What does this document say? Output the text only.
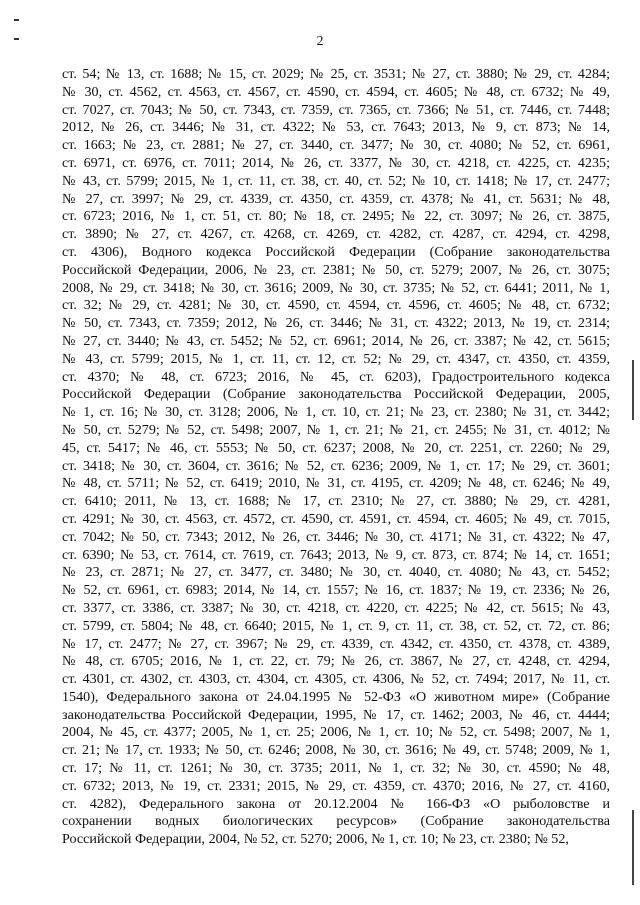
2
ст. 54; № 13, ст. 1688; № 15, ст. 2029; № 25, ст. 3531; № 27, ст. 3880; № 29, ст. 4284;
№ 30, ст. 4562, ст. 4563, ст. 4567, ст. 4590, ст. 4594, ст. 4605; № 48, ст. 6732; № 49,
ст. 7027, ст. 7043; № 50, ст. 7343, ст. 7359, ст. 7365, ст. 7366; № 51, ст. 7446, ст. 7448;
2012, № 26, ст. 3446; № 31, ст. 4322; № 53, ст. 7643; 2013, № 9, ст. 873; № 14,
ст. 1663; № 23, ст. 2881; № 27, ст. 3440, ст. 3477; № 30, ст. 4080; № 52, ст. 6961,
ст. 6971, ст. 6976, ст. 7011; 2014, № 26, ст. 3377, № 30, ст. 4218, ст. 4225, ст. 4235;
№ 43, ст. 5799; 2015, № 1, ст. 11, ст. 38, ст. 40, ст. 52; № 10, ст. 1418; № 17, ст. 2477;
№ 27, ст. 3997; № 29, ст. 4339, ст. 4350, ст. 4359, ст. 4378; № 41, ст. 5631; № 48,
ст. 6723; 2016, № 1, ст. 51, ст. 80; № 18, ст. 2495; № 22, ст. 3097; № 26, ст. 3875,
ст. 3890; № 27, ст. 4267, ст. 4268, ст. 4269, ст. 4282, ст. 4287, ст. 4294, ст. 4298,
ст. 4306), Водного кодекса Российской Федерации (Собрание законодательства
Российской Федерации, 2006, № 23, ст. 2381; № 50, ст. 5279; 2007, № 26, ст. 3075;
2008, № 29, ст. 3418; № 30, ст. 3616; 2009, № 30, ст. 3735; № 52, ст. 6441; 2011, № 1,
ст. 32; № 29, ст. 4281; № 30, ст. 4590, ст. 4594, ст. 4596, ст. 4605; № 48, ст. 6732;
№ 50, ст. 7343, ст. 7359; 2012, № 26, ст. 3446; № 31, ст. 4322; 2013, № 19, ст. 2314;
№ 27, ст. 3440; № 43, ст. 5452; № 52, ст. 6961; 2014, № 26, ст. 3387; № 42, ст. 5615;
№ 43, ст. 5799; 2015, № 1, ст. 11, ст. 12, ст. 52; № 29, ст. 4347, ст. 4350, ст. 4359,
ст. 4370; № 48, ст. 6723; 2016, № 45, ст. 6203), Градостроительного кодекса
Российской Федерации (Собрание законодательства Российской Федерации, 2005,
№ 1, ст. 16; № 30, ст. 3128; 2006, № 1, ст. 10, ст. 21; № 23, ст. 2380; № 31, ст. 3442;
№ 50, ст. 5279; № 52, ст. 5498; 2007, № 1, ст. 21; № 21, ст. 2455; № 31, ст. 4012; №
45, ст. 5417; № 46, ст. 5553; № 50, ст. 6237; 2008, № 20, ст. 2251, ст. 2260; № 29,
ст. 3418; № 30, ст. 3604, ст. 3616; № 52, ст. 6236; 2009, № 1, ст. 17; № 29, ст. 3601;
№ 48, ст. 5711; № 52, ст. 6419; 2010, № 31, ст. 4195, ст. 4209; № 48, ст. 6246; № 49,
ст. 6410; 2011, № 13, ст. 1688; № 17, ст. 2310; № 27, ст. 3880; № 29, ст. 4281,
ст. 4291; № 30, ст. 4563, ст. 4572, ст. 4590, ст. 4591, ст. 4594, ст. 4605; № 49, ст. 7015,
ст. 7042; № 50, ст. 7343; 2012, № 26, ст. 3446; № 30, ст. 4171; № 31, ст. 4322; № 47,
ст. 6390; № 53, ст. 7614, ст. 7619, ст. 7643; 2013, № 9, ст. 873, ст. 874; № 14, ст. 1651;
№ 23, ст. 2871; № 27, ст. 3477, ст. 3480; № 30, ст. 4040, ст. 4080; № 43, ст. 5452;
№ 52, ст. 6961, ст. 6983; 2014, № 14, ст. 1557; № 16, ст. 1837; № 19, ст. 2336; № 26,
ст. 3377, ст. 3386, ст. 3387; № 30, ст. 4218, ст. 4220, ст. 4225; № 42, ст. 5615; № 43,
ст. 5799, ст. 5804; № 48, ст. 6640; 2015, № 1, ст. 9, ст. 11, ст. 38, ст. 52, ст. 72, ст. 86;
№ 17, ст. 2477; № 27, ст. 3967; № 29, ст. 4339, ст. 4342, ст. 4350, ст. 4378, ст. 4389,
№ 48, ст. 6705; 2016, № 1, ст. 22, ст. 79; № 26, ст. 3867, № 27, ст. 4248, ст. 4294,
ст. 4301, ст. 4302, ст. 4303, ст. 4304, ст. 4305, ст. 4306, № 52, ст. 7494; 2017, № 11, ст.
1540), Федерального закона от 24.04.1995 № 52-ФЗ «О животном мире» (Собрание
законодательства Российской Федерации, 1995, № 17, ст. 1462; 2003, № 46, ст. 4444;
2004, № 45, ст. 4377; 2005, № 1, ст. 25; 2006, № 1, ст. 10; № 52, ст. 5498; 2007, № 1,
ст. 21; № 17, ст. 1933; № 50, ст. 6246; 2008, № 30, ст. 3616; № 49, ст. 5748; 2009, № 1,
ст. 17; № 11, ст. 1261; № 30, ст. 3735; 2011, № 1, ст. 32; № 30, ст. 4590; № 48,
ст. 6732; 2013, № 19, ст. 2331; 2015, № 29, ст. 4359, ст. 4370; 2016, № 27, ст. 4160,
ст. 4282), Федерального закона от 20.12.2004 № 166-ФЗ «О рыболовстве и
сохранении водных биологических ресурсов» (Собрание законодательства
Российской Федерации, 2004, № 52, ст. 5270; 2006, № 1, ст. 10; № 23, ст. 2380; № 52,
